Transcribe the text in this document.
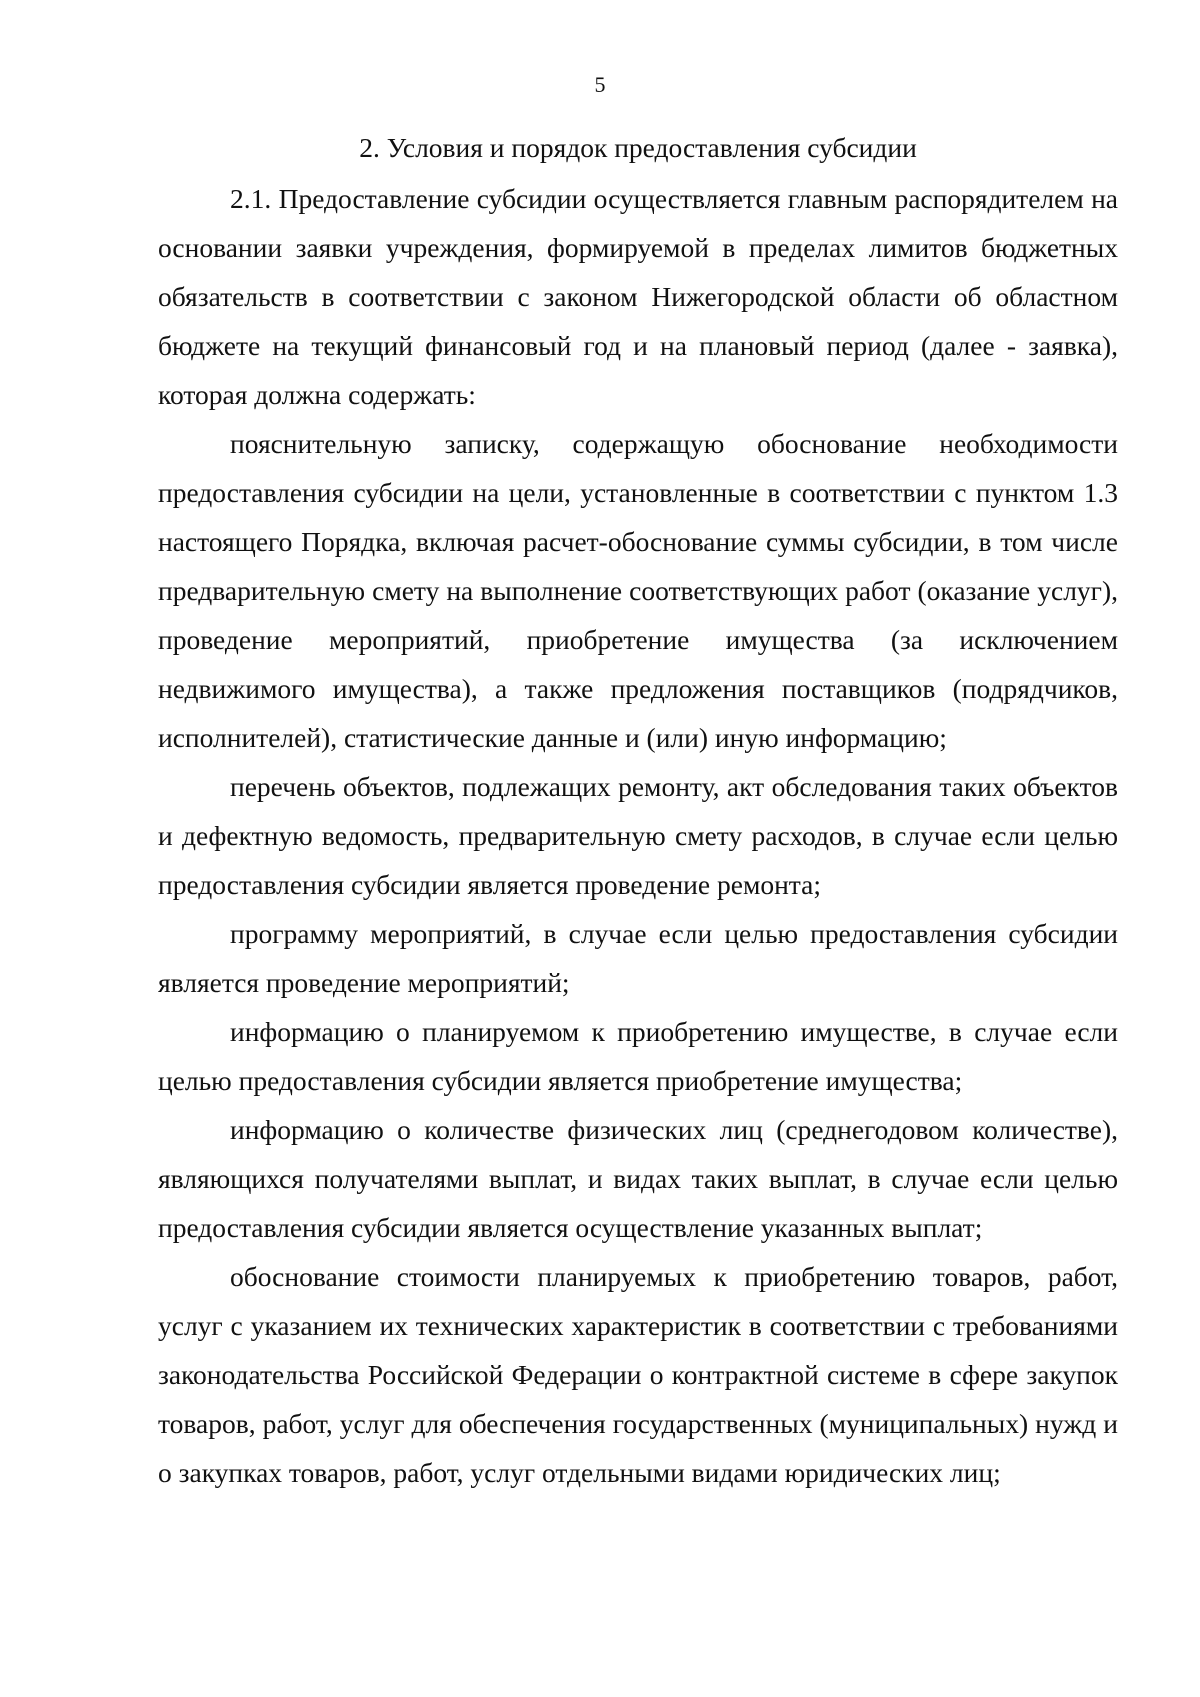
5
2. Условия и порядок предоставления субсидии

2.1. Предоставление субсидии осуществляется главным распорядителем на основании заявки учреждения, формируемой в пределах лимитов бюджетных обязательств в соответствии с законом Нижегородской области об областном бюджете на текущий финансовый год и на плановый период (далее - заявка), которая должна содержать:

пояснительную записку, содержащую обоснование необходимости предоставления субсидии на цели, установленные в соответствии с пунктом 1.3 настоящего Порядка, включая расчет-обоснование суммы субсидии, в том числе предварительную смету на выполнение соответствующих работ (оказание услуг), проведение мероприятий, приобретение имущества (за исключением недвижимого имущества), а также предложения поставщиков (подрядчиков, исполнителей), статистические данные и (или) иную информацию;

перечень объектов, подлежащих ремонту, акт обследования таких объектов и дефектную ведомость, предварительную смету расходов, в случае если целью предоставления субсидии является проведение ремонта;

программу мероприятий, в случае если целью предоставления субсидии является проведение мероприятий;

информацию о планируемом к приобретению имуществе, в случае если целью предоставления субсидии является приобретение имущества;

информацию о количестве физических лиц (среднегодовом количестве), являющихся получателями выплат, и видах таких выплат, в случае если целью предоставления субсидии является осуществление указанных выплат;

обоснование стоимости планируемых к приобретению товаров, работ, услуг с указанием их технических характеристик в соответствии с требованиями законодательства Российской Федерации о контрактной системе в сфере закупок товаров, работ, услуг для обеспечения государственных (муниципальных) нужд и о закупках товаров, работ, услуг отдельными видами юридических лиц;
